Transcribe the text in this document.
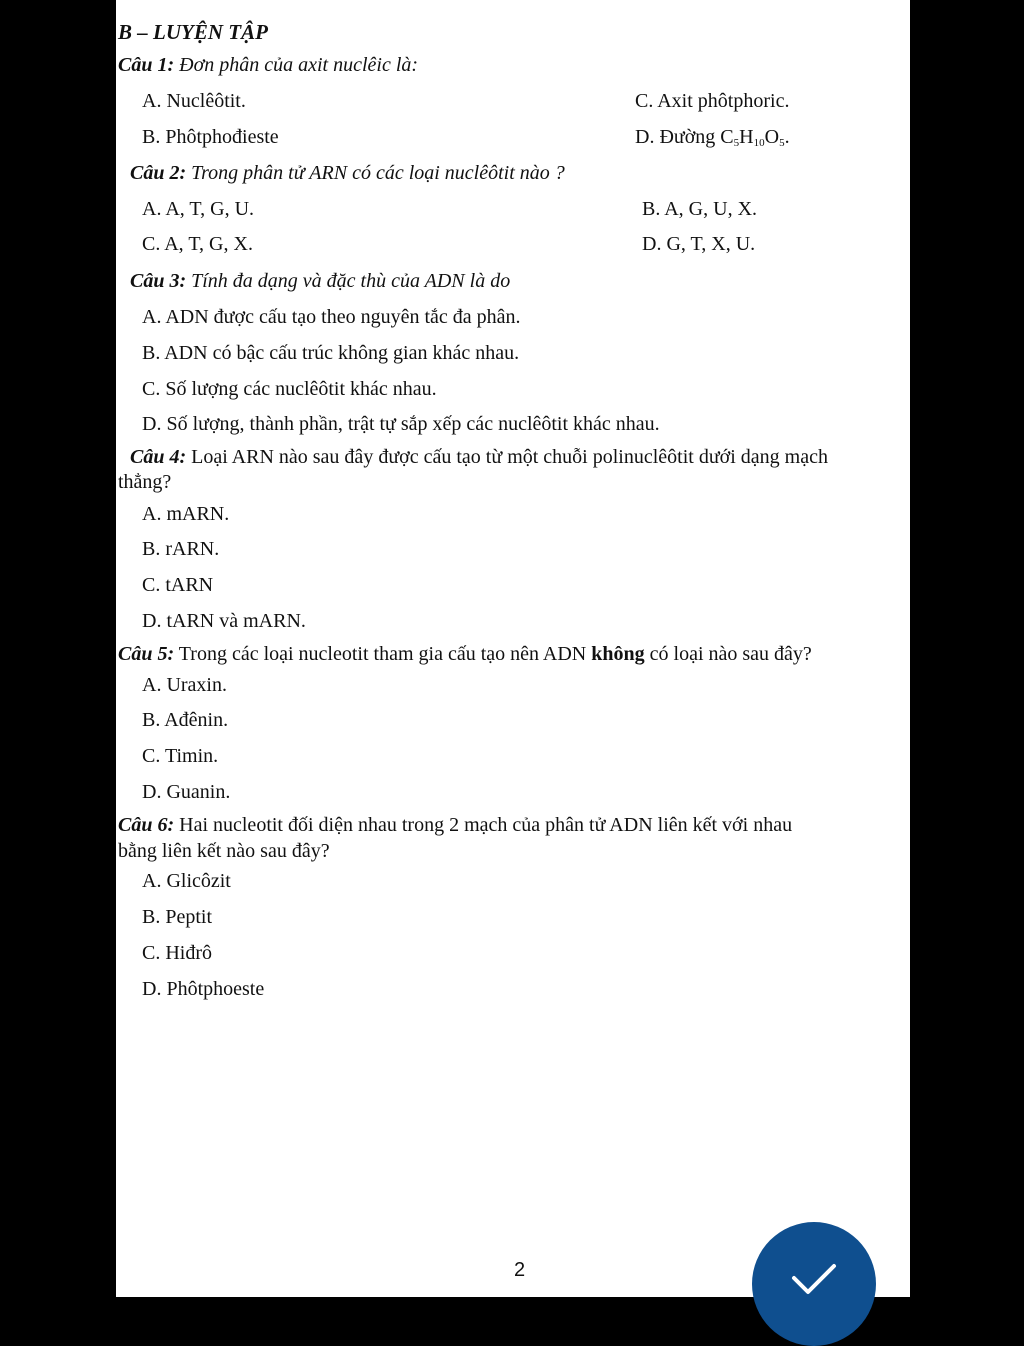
B – LUYỆN TẬP
Câu 1: Đơn phân của axit nuclêic là:
A. Nuclêôtit.	C. Axit phôtphoric.
B. Phôtphođieste	D. Đường $C_5H_{10}O_5$.
Câu 2: Trong phân tử ARN có các loại nuclêôtit nào ?
A. A, T, G, U.	B. A, G, U, X.
C. A, T, G, X.	D. G, T, X, U.
Câu 3: Tính đa dạng và đặc thù của ADN là do
A. ADN được cấu tạo theo nguyên tắc đa phân.
B. ADN có bậc cấu trúc không gian khác nhau.
C. Số lượng các nuclêôtit khác nhau.
D. Số lượng, thành phần, trật tự sắp xếp các nuclêôtit khác nhau.
Câu 4: Loại ARN nào sau đây được cấu tạo từ một chuỗi polinuclêôtit dưới dạng mạch
thẳng?
A. mARN.
B. rARN.
C. tARN
D. tARN và mARN.
Câu 5: Trong các loại nucleotit tham gia cấu tạo nên ADN không có loại nào sau đây?
A. Uraxin.
B. Ađênin.
C. Timin.
D. Guanin.
Câu 6: Hai nucleotit đối diện nhau trong 2 mạch của phân tử ADN liên kết với nhau
bằng liên kết nào sau đây?
A. Glicôzit
B. Peptit
C. Hiđrô
D. Phôtphoeste
2
